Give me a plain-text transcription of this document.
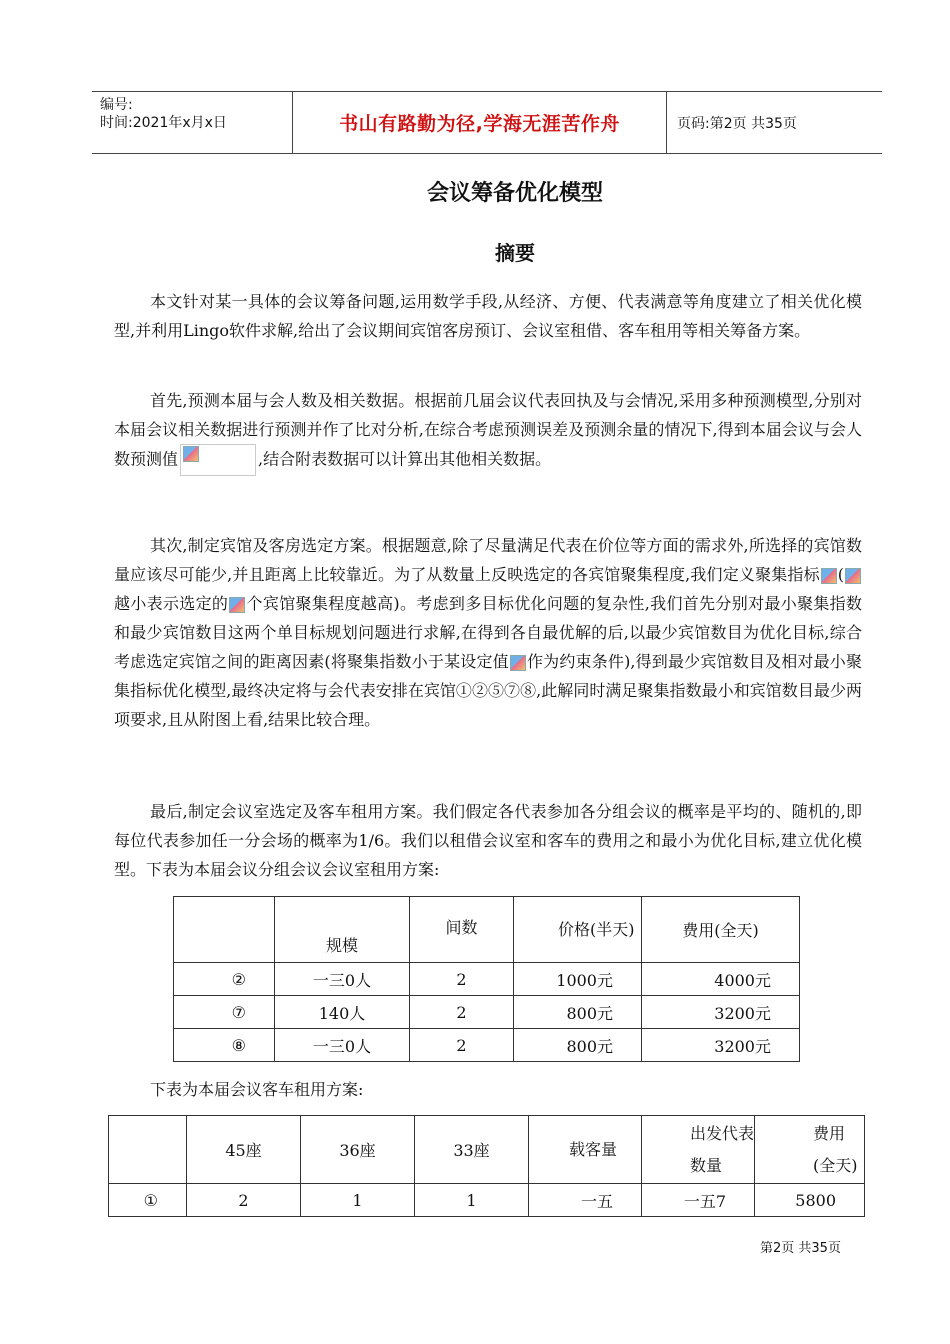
编号:
时间:2021年x月x日	书山有路勤为径,学海无涯苦作舟	页码:第2页 共35页
会议筹备优化模型
摘要
本文针对某一具体的会议筹备问题,运用数学手段,从经济、方便、代表满意等角度建立了相关优化模型,并利用Lingo软件求解,给出了会议期间宾馆客房预订、会议室租借、客车租用等相关筹备方案。
首先,预测本届与会人数及相关数据。根据前几届会议代表回执及与会情况,采用多种预测模型,分别对本届会议相关数据进行预测并作了比对分析,在综合考虑预测误差及预测余量的情况下,得到本届会议与会人数预测值	,结合附表数据可以计算出其他相关数据。
其次,制定宾馆及客房选定方案。根据题意,除了尽量满足代表在价位等方面的需求外,所选择的宾馆数量应该尽可能少,并且距离上比较靠近。为了从数量上反映选定的各宾馆聚集程度,我们定义聚集指标 (越小表示选定的 个宾馆聚集程度越高)。考虑到多目标优化问题的复杂性,我们首先分别对最小聚集指数和最少宾馆数目这两个单目标规划问题进行求解,在得到各自最优解的后,以最少宾馆数目为优化目标,综合考虑选定宾馆之间的距离因素(将聚集指数小于某设定值 作为约束条件),得到最少宾馆数目及相对最小聚集指标优化模型,最终决定将与会代表安排在宾馆①②⑤⑦⑧,此解同时满足聚集指数最小和宾馆数目最少两项要求,且从附图上看,结果比较合理。
最后,制定会议室选定及客车租用方案。我们假定各代表参加各分组会议的概率是平均的、随机的,即每位代表参加任一分会场的概率为1/6。我们以租借会议室和客车的费用之和最小为优化目标,建立优化模型。下表为本届会议分组会议会议室租用方案:
	规模	间数	价格(半天)	费用(全天)
②	一三0人	2	1000元	4000元
⑦	140人	2	800元	3200元
⑧	一三0人	2	800元	3200元
下表为本届会议客车租用方案:
	45座	36座	33座	载客量	出发代表数量	费用(全天)
①	2	1	1	一五	一五7	5800
第2页 共35页
